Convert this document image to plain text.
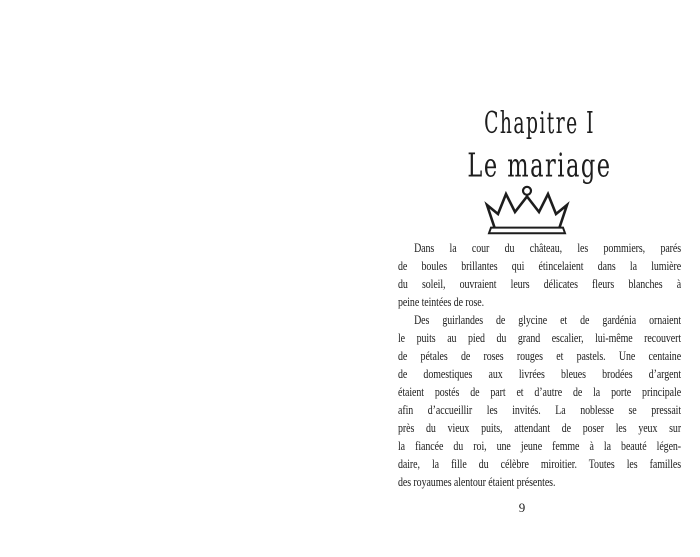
Chapitre I
Le mariage
Dans la cour du château, les pommiers, parés
de boules brillantes qui étincelaient dans la lumière
du soleil, ouvraient leurs délicates fleurs blanches à
peine teintées de rose.
Des guirlandes de glycine et de gardénia ornaient
le puits au pied du grand escalier, lui-même recouvert
de pétales de roses rouges et pastels. Une centaine
de domestiques aux livrées bleues brodées d’argent
étaient postés de part et d’autre de la porte principale
afin d’accueillir les invités. La noblesse se pressait
près du vieux puits, attendant de poser les yeux sur
la fiancée du roi, une jeune femme à la beauté légen-
daire, la fille du célèbre miroitier. Toutes les familles
des royaumes alentour étaient présentes.
9
